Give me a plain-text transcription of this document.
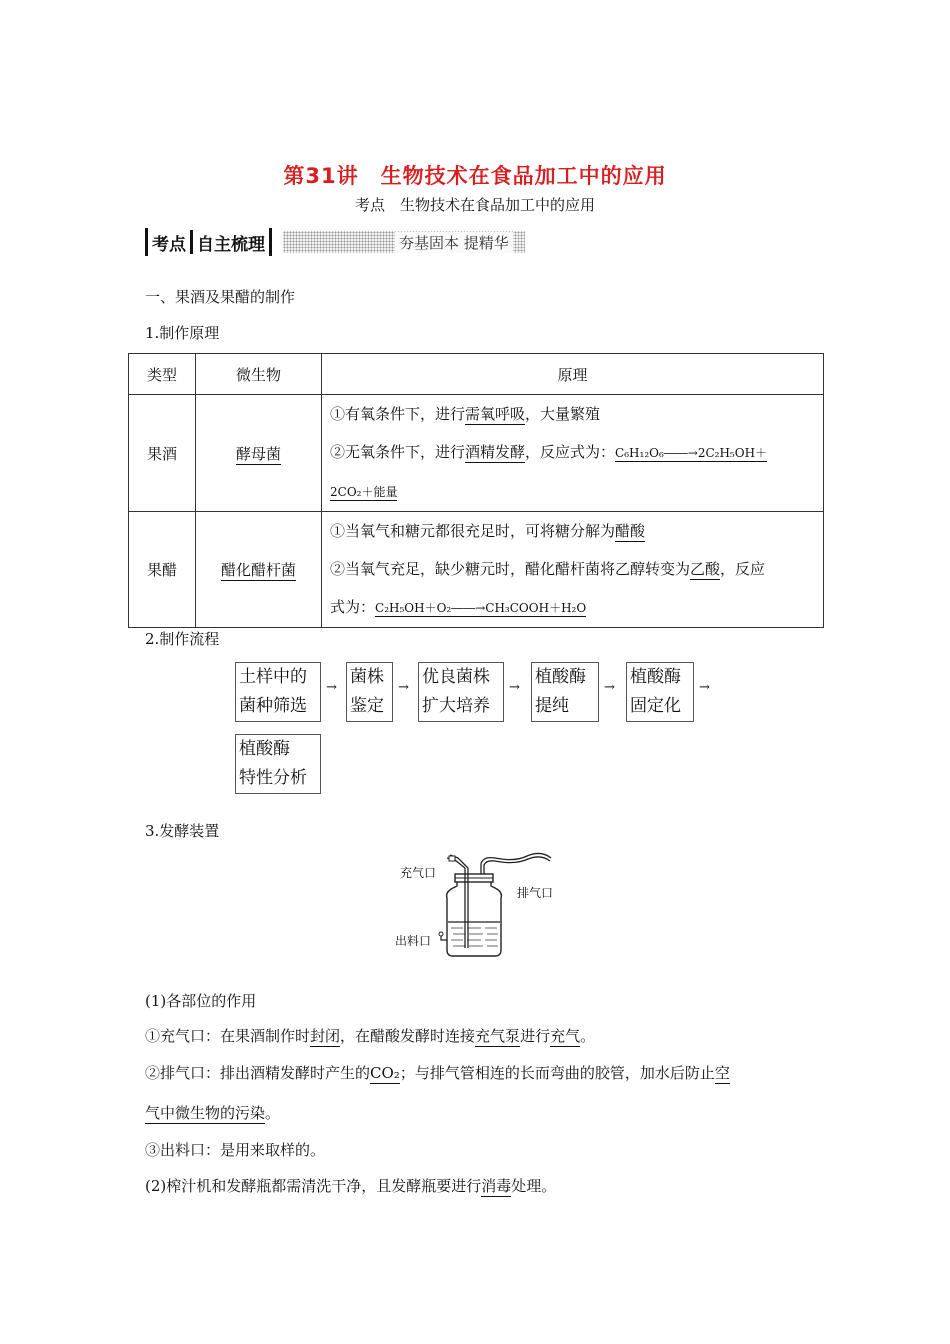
第31讲　生物技术在食品加工中的应用
考点　生物技术在食品加工中的应用
考点 自主梳理	夯基固本 提精华
一、果酒及果醋的制作
1.制作原理
类型	微生物	原理
果酒	酵母菌	①有氧条件下，进行需氧呼吸，大量繁殖
②无氧条件下，进行酒精发酵，反应式为：C₆H₁₂O₆――→2C₂H₅OH＋
2CO₂＋能量

果醋	醋化醋杆菌	①当氧气和糖元都很充足时，可将糖分解为醋酸
②当氧气充足，缺少糖元时，醋化醋杆菌将乙醇转变为乙酸，反应
式为：C₂H₅OH＋O₂――→CH₃COOH＋H₂O
2.制作流程
土样中的
菌种筛选
→
菌株
鉴定
→
优良菌株
扩大培养
→
植酸酶
提纯
→
植酸酶
固定化
→
植酸酶
特性分析
3.发酵装置
充气口
排气口
出料口
(1)各部位的作用
①充气口：在果酒制作时封闭，在醋酸发酵时连接充气泵进行充气。
②排气口：排出酒精发酵时产生的CO₂；与排气管相连的长而弯曲的胶管，加水后防止空
气中微生物的污染。
③出料口：是用来取样的。
(2)榨汁机和发酵瓶都需清洗干净，且发酵瓶要进行消毒处理。
